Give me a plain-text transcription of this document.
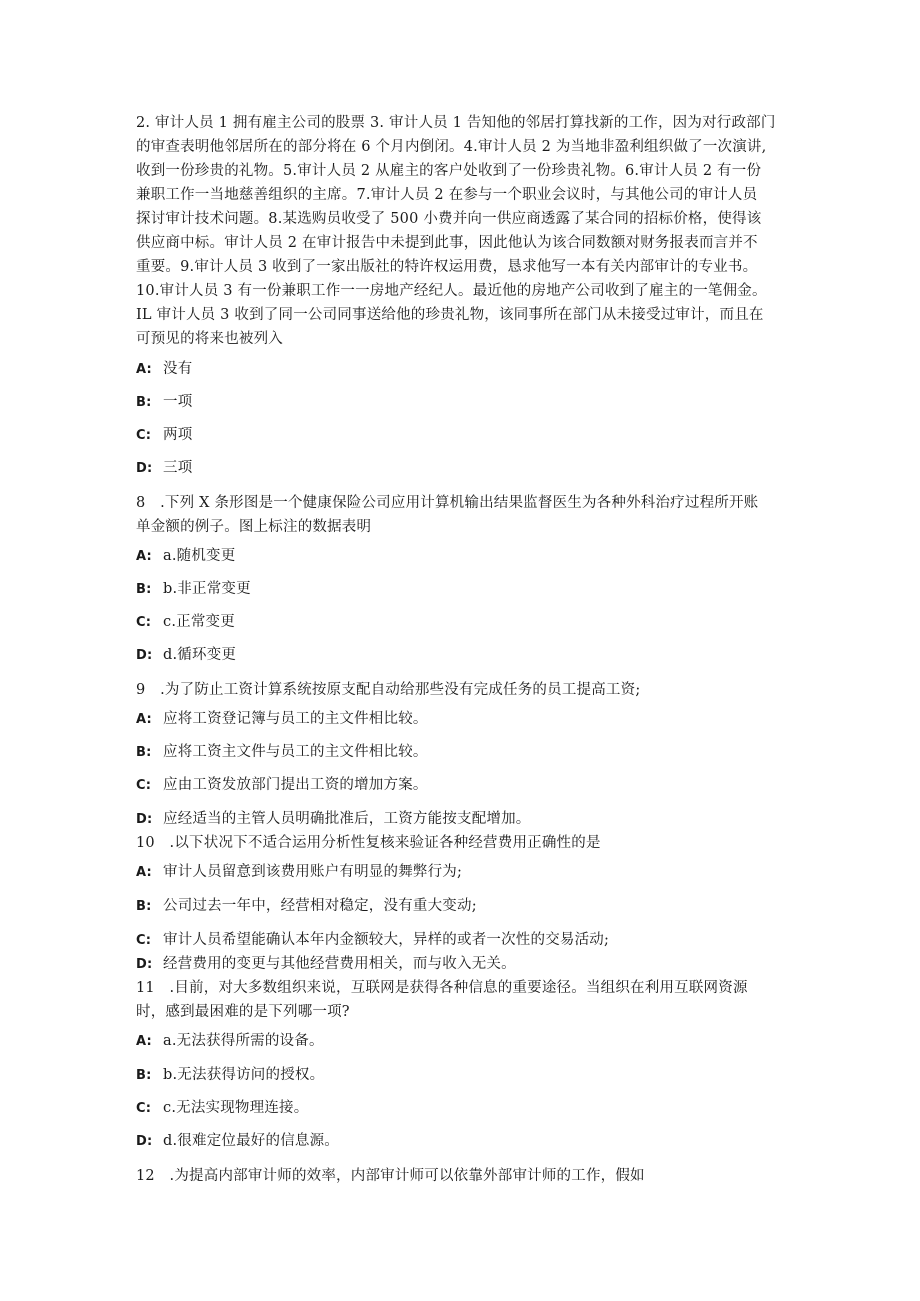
2. 审计人员 1 拥有雇主公司的股票 3. 审计人员 1 告知他的邻居打算找新的工作，因为对行政部门
的审查表明他邻居所在的部分将在 6 个月内倒闭。4.审计人员 2 为当地非盈利组织做了一次演讲,
收到一份珍贵的礼物。5.审计人员 2 从雇主的客户处收到了一份珍贵礼物。6.审计人员 2 有一份
兼职工作一当地慈善组织的主席。7.审计人员 2 在参与一个职业会议时，与其他公司的审计人员
探讨审计技术问题。8.某选购员收受了 500 小费并向一供应商透露了某合同的招标价格，使得该
供应商中标。审计人员 2 在审计报告中未提到此事，因此他认为该合同数额对财务报表而言并不
重要。9.审计人员 3 收到了一家出版社的特许权运用费，恳求他写一本有关内部审计的专业书。
10.审计人员 3 有一份兼职工作一一房地产经纪人。最近他的房地产公司收到了雇主的一笔佣金。
IL 审计人员 3 收到了同一公司同事送给他的珍贵礼物，该同事所在部门从未接受过审计，而且在
可预见的将来也被列入
A: 没有
B: 一项
C: 两项
D: 三项
8　.下列 X 条形图是一个健康保险公司应用计算机输出结果监督医生为各种外科治疗过程所开账
单金额的例子。图上标注的数据表明
A: a.随机变更
B: b.非正常变更
C: c.正常变更
D: d.循环变更
9　.为了防止工资计算系统按原支配自动给那些没有完成任务的员工提高工资;
A: 应将工资登记簿与员工的主文件相比较。
B: 应将工资主文件与员工的主文件相比较。
C: 应由工资发放部门提出工资的增加方案。
D: 应经适当的主管人员明确批准后，工资方能按支配增加。
10　.以下状况下不适合运用分析性复核来验证各种经营费用正确性的是
A: 审计人员留意到该费用账户有明显的舞弊行为;
B: 公司过去一年中，经营相对稳定，没有重大变动;
C: 审计人员希望能确认本年内金额较大，异样的或者一次性的交易活动;
D: 经营费用的变更与其他经营费用相关，而与收入无关。
11　.目前，对大多数组织来说，互联网是获得各种信息的重要途径。当组织在利用互联网资源
时，感到最困难的是下列哪一项?
A: a.无法获得所需的设备。
B: b.无法获得访问的授权。
C: c.无法实现物理连接。
D: d.很难定位最好的信息源。
12　.为提高内部审计师的效率，内部审计师可以依靠外部审计师的工作，假如
